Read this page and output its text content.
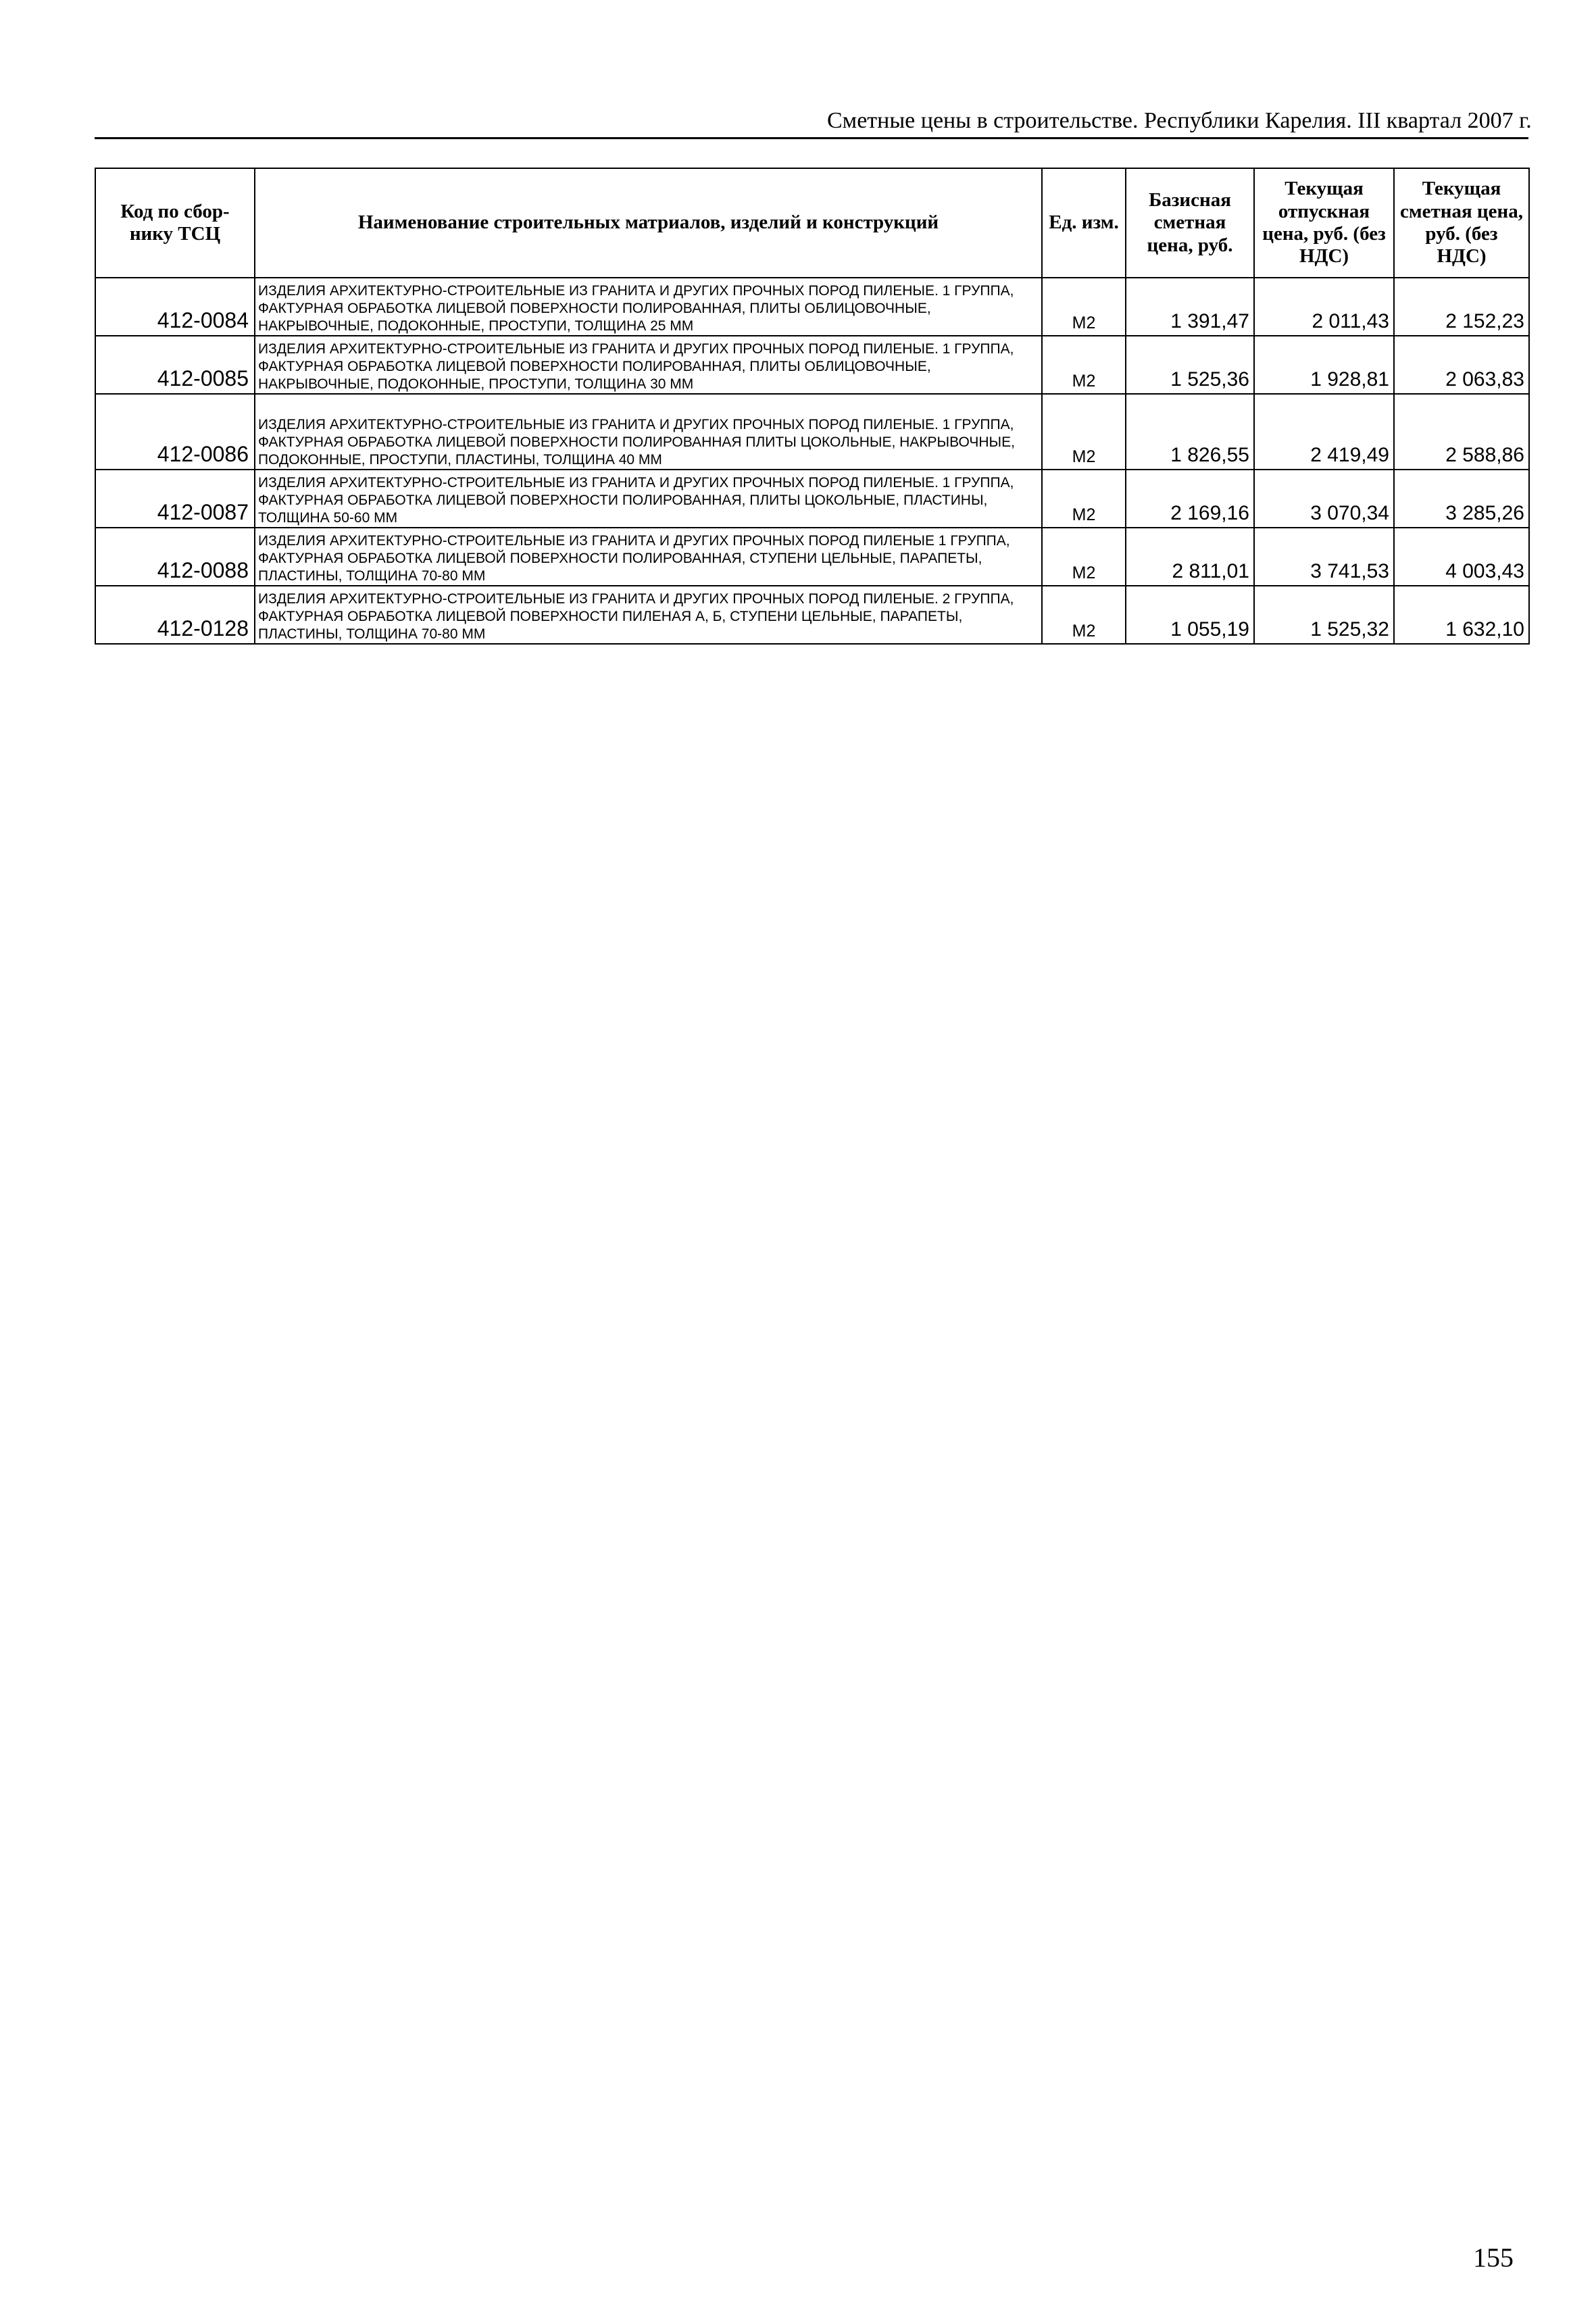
Сметные цены в строительстве. Республики Карелия. III квартал 2007 г.
Код по сбор-нику ТСЦ	Наименование строительных матриалов, изделий и конструкций	Ед. изм.	Базисная сметная цена, руб.	Текущая отпускная цена, руб. (без НДС)	Текущая сметная цена, руб. (без НДС)
412-0084	ИЗДЕЛИЯ АРХИТЕКТУРНО-СТРОИТЕЛЬНЫЕ ИЗ ГРАНИТА И ДРУГИХ ПРОЧНЫХ ПОРОД ПИЛЕНЫЕ. 1 ГРУППА, ФАКТУРНАЯ ОБРАБОТКА ЛИЦЕВОЙ ПОВЕРХНОСТИ ПОЛИРОВАННАЯ, ПЛИТЫ ОБЛИЦОВОЧНЫЕ, НАКРЫВОЧНЫЕ, ПОДОКОННЫЕ, ПРОСТУПИ, ТОЛЩИНА 25 ММ	М2	1 391,47	2 011,43	2 152,23
412-0085	ИЗДЕЛИЯ АРХИТЕКТУРНО-СТРОИТЕЛЬНЫЕ ИЗ ГРАНИТА И ДРУГИХ ПРОЧНЫХ ПОРОД ПИЛЕНЫЕ. 1 ГРУППА, ФАКТУРНАЯ ОБРАБОТКА ЛИЦЕВОЙ ПОВЕРХНОСТИ ПОЛИРОВАННАЯ, ПЛИТЫ ОБЛИЦОВОЧНЫЕ, НАКРЫВОЧНЫЕ, ПОДОКОННЫЕ, ПРОСТУПИ, ТОЛЩИНА 30 ММ	М2	1 525,36	1 928,81	2 063,83
412-0086	ИЗДЕЛИЯ АРХИТЕКТУРНО-СТРОИТЕЛЬНЫЕ ИЗ ГРАНИТА И ДРУГИХ ПРОЧНЫХ ПОРОД ПИЛЕНЫЕ. 1 ГРУППА, ФАКТУРНАЯ ОБРАБОТКА ЛИЦЕВОЙ ПОВЕРХНОСТИ ПОЛИРОВАННАЯ ПЛИТЫ ЦОКОЛЬНЫЕ, НАКРЫВОЧНЫЕ, ПОДОКОННЫЕ, ПРОСТУПИ, ПЛАСТИНЫ, ТОЛЩИНА 40 ММ	М2	1 826,55	2 419,49	2 588,86
412-0087	ИЗДЕЛИЯ АРХИТЕКТУРНО-СТРОИТЕЛЬНЫЕ ИЗ ГРАНИТА И ДРУГИХ ПРОЧНЫХ ПОРОД ПИЛЕНЫЕ. 1 ГРУППА, ФАКТУРНАЯ ОБРАБОТКА ЛИЦЕВОЙ ПОВЕРХНОСТИ ПОЛИРОВАННАЯ, ПЛИТЫ ЦОКОЛЬНЫЕ, ПЛАСТИНЫ, ТОЛЩИНА 50-60 ММ	М2	2 169,16	3 070,34	3 285,26
412-0088	ИЗДЕЛИЯ АРХИТЕКТУРНО-СТРОИТЕЛЬНЫЕ ИЗ ГРАНИТА И ДРУГИХ ПРОЧНЫХ ПОРОД ПИЛЕНЫЕ 1 ГРУППА, ФАКТУРНАЯ ОБРАБОТКА ЛИЦЕВОЙ ПОВЕРХНОСТИ ПОЛИРОВАННАЯ, СТУПЕНИ ЦЕЛЬНЫЕ, ПАРАПЕТЫ, ПЛАСТИНЫ, ТОЛЩИНА 70-80 ММ	М2	2 811,01	3 741,53	4 003,43
412-0128	ИЗДЕЛИЯ АРХИТЕКТУРНО-СТРОИТЕЛЬНЫЕ ИЗ ГРАНИТА И ДРУГИХ ПРОЧНЫХ ПОРОД ПИЛЕНЫЕ. 2 ГРУППА, ФАКТУРНАЯ ОБРАБОТКА ЛИЦЕВОЙ ПОВЕРХНОСТИ ПИЛЕНАЯ А, Б, СТУПЕНИ ЦЕЛЬНЫЕ, ПАРАПЕТЫ, ПЛАСТИНЫ, ТОЛЩИНА 70-80 ММ	М2	1 055,19	1 525,32	1 632,10
155
